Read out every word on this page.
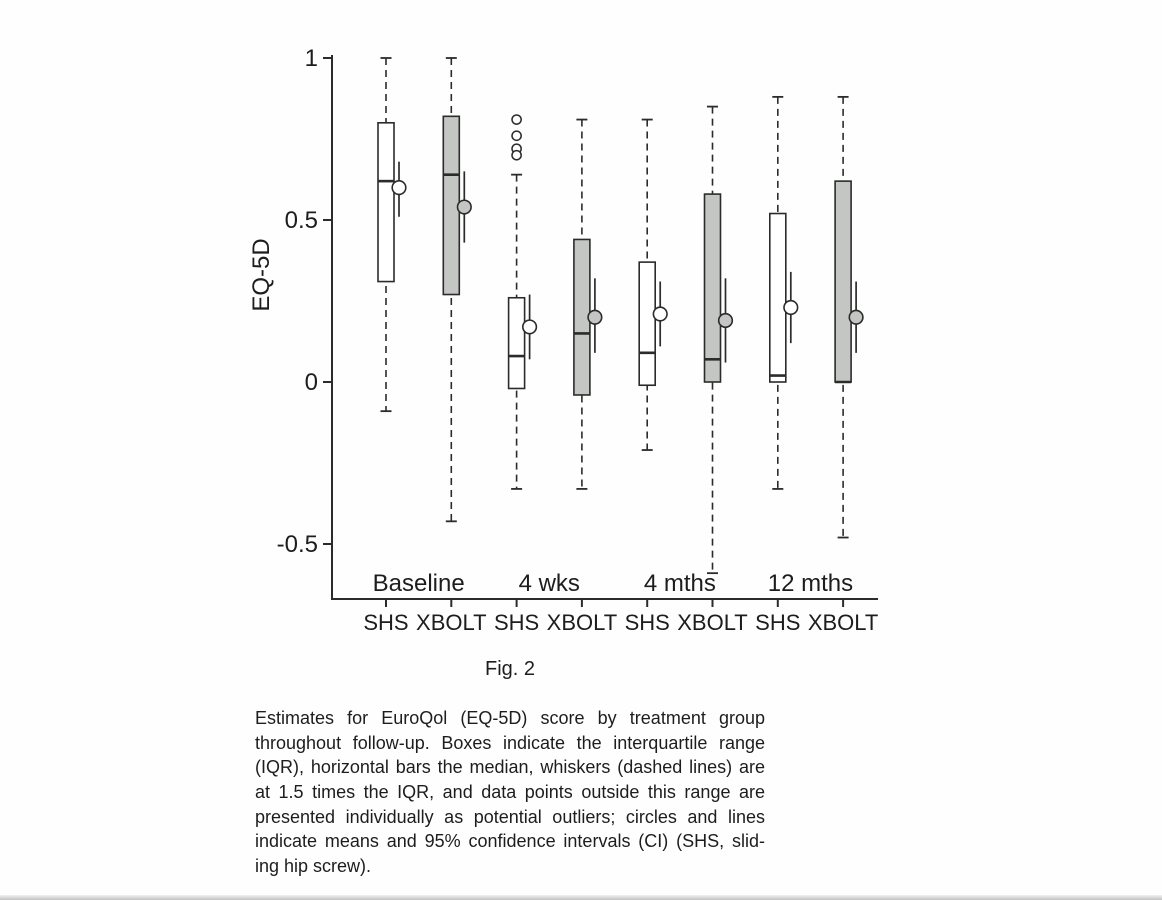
1
0.5
0
-0.5
EQ-5D
SHS XBOLT SHS XBOLT SHS XBOLT SHS XBOLT
Baseline 4 wks	4 mths 12 mths
Fig. 2
Estimates for EuroQol (EQ-5D) score by treatment group
throughout follow-up. Boxes indicate the interquartile range
(IQR), horizontal bars the median, whiskers (dashed lines) are
at 1.5 times the IQR, and data points outside this range are
presented individually as potential outliers; circles and lines
indicate means and 95% confidence intervals (CI) (SHS, slid-
ing hip screw).
